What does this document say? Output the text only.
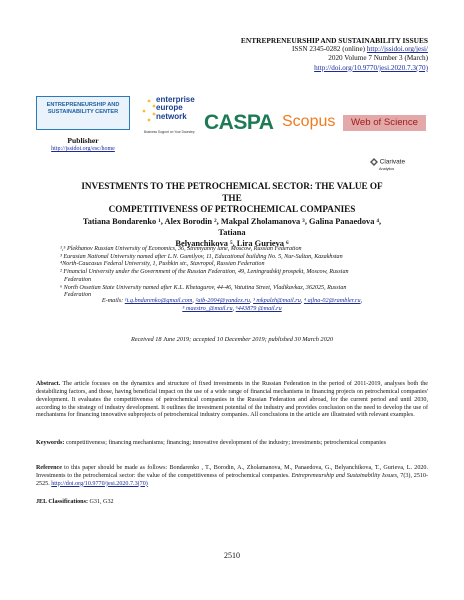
ENTREPRENEURSHIP AND SUSTAINABILITY ISSUES
ISSN 2345-0282 (online) http://jssidoi.org/jesi/
2020 Volume 7 Number 3 (March)
http://doi.org/10.9770/jesi.2020.7.3(70)
ENTREPRENEURSHIP AND
SUSTAINABILITY CENTER
enterprise
europe
network
Business Support on Your Doorstep CASPA Scopus	Web of Science
Publisher
http://jssidoi.org/esc/home
Clarivate
Analytics
INVESTMENTS TO THE PETROCHEMICAL SECTOR: THE VALUE OF THE
COMPETITIVENESS OF PETROCHEMICAL COMPANIES
Tatiana Bondarenko ¹, Alex Borodin ², Makpal Zholamanova ³, Galina Panaedova ⁴, Tatiana
Belyanchikova ⁵, Lira Gurieva ⁶
¹,⁵ Plekhanov Russian University of Economics, 36, Stremyanny lane, Moscow, Russian Federation
³ Eurasian National University named after L.N. Gumilyov, 11, Educational building No. 5, Nur-Sultan, Kazakhstan
⁴North-Caucasus Federal University, 1, Pushkin str., Stavropol, Russian Federation
² Financial University under the Government of the Russian Federation, 49, Leningradskij prospekt, Moscow, Russian
Federation
⁶ North Ossetian State University named after K.L. Khetagurov, 44-46, Vatutina Street, Vladikavkaz, 362025, Russian
Federation
E-mails: ¹t.g.bndarenko@gmail.com, ²aib-2004@yandex.ru, ³ mkpalzh@mail.ru, ⁴ ajlna-02@rambler.ru,
⁵ maestro_@mail.ru, ⁶443879 @mail.ru
Received 18 June 2019; accepted 10 December 2019; published 30 March 2020
Abstract. The article focuses on the dynamics and structure of fixed investments in the Russian Federation in the period of 2011-2019, analyses both the destabilizing factors, and those, having beneficial impact on the use of a wide range of financial mechanisms in financing projects on petrochemical companies' development. It evaluates the competitiveness of petrochemical companies in the Russian Federation and abroad, for the current period and until 2030, according to the strategy of industry development. It outlines the investment potential of the industry and provides conclusion on the need to develop the use of mechanisms for financing innovative subprojects of petrochemical industry companies. All conclusions in the article are illustrated with relevant examples.
Keywords: competitiveness; financing mechanisms; financing; innovative development of the industry; investments; petrochemical companies
Reference to this paper should be made as follows: Bondarenko , T., Borodin, A., Zholamanova, M., Panaedova, G., Belyanchikova, T., Gurieva, L. 2020. Investments to the petrochemical sector: the value of the competitiveness of petrochemical companies. Entrepreneurship and Sustainability Issues, 7(3), 2510-2525. http://doi.org/10.9770/jesi.2020.7.3(70)
JEL Classifications: G31, G32
2510
